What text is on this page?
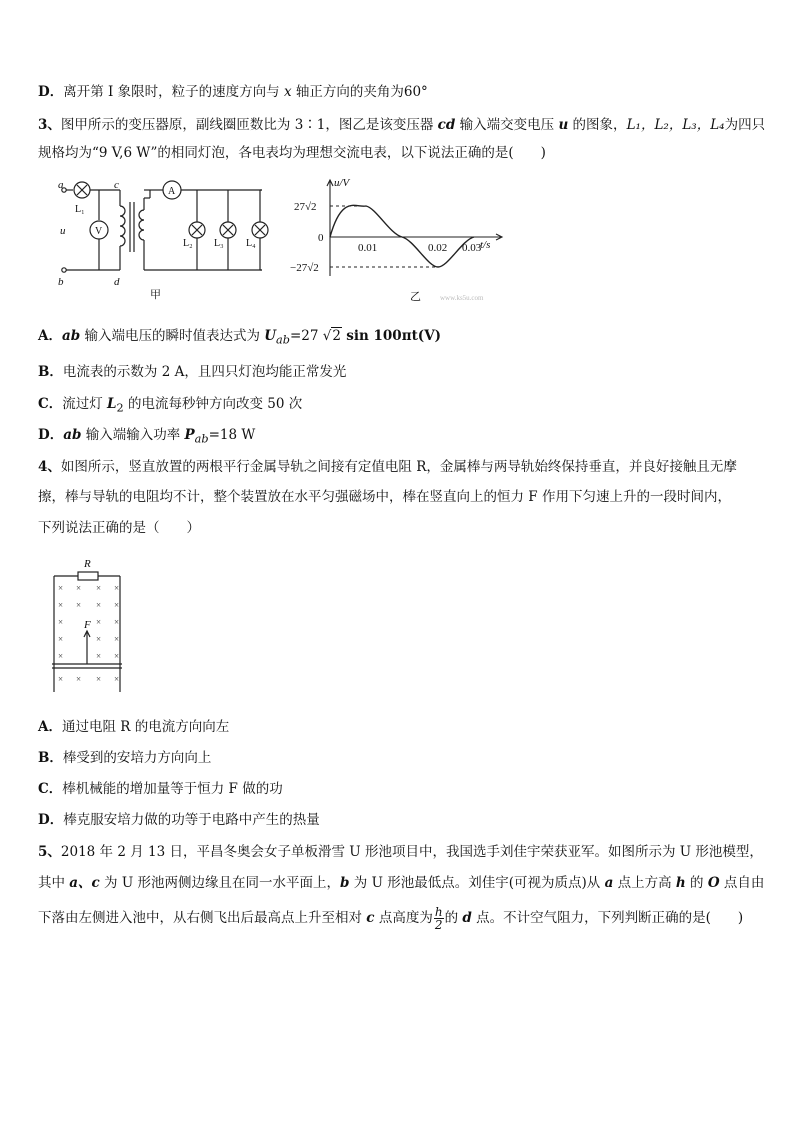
D．离开第 I 象限时，粒子的速度方向与 x 轴正方向的夹角为60°
3、图甲所示的变压器原，副线圈匝数比为 3∶1，图乙是该变压器 cd 输入端交变电压 u 的图象，L₁，L₂，L₃，L₄为四只
规格均为“9 V,6 W”的相同灯泡，各电表均为理想交流电表，以下说法正确的是(　　)
a
b
c
d
u
L₁
L₂ L₃ L₄
V
A
甲
u/V
t/s
0
27√2
−27√2
0.01	0.02 0.03
乙	www.ks5u.com
A．ab 输入端电压的瞬时值表达式为 $U_{ab}=27$ √2 sin 100πt(V)
B．电流表的示数为 2 A，且四只灯泡均能正常发光
C．流过灯 $L_2$ 的电流每秒钟方向改变 50 次
D．ab 输入端输入功率 $P_{ab}=18$ W
4、如图所示，竖直放置的两根平行金属导轨之间接有定值电阻 R，金属棒与两导轨始终保持垂直，并良好接触且无摩
擦，棒与导轨的电阻均不计，整个装置放在水平匀强磁场中，棒在竖直向上的恒力 F 作用下匀速上升的一段时间内，
下列说法正确的是（　　）
R
F
× × × ×
× × × ×
×	× ×
×	× ×
×	× ×
× × × ×
A．通过电阻 R 的电流方向向左
B．棒受到的安培力方向向上
C．棒机械能的增加量等于恒力 F 做的功
D．棒克服安培力做的功等于电路中产生的热量
5、2018 年 2 月 13 日，平昌冬奥会女子单板滑雪 U 形池项目中，我国选手刘佳宇荣获亚军。如图所示为 U 形池模型，
其中 a、c 为 U 形池两侧边缘且在同一水平面上，b 为 U 形池最低点。刘佳宇(可视为质点)从 a 点上方高 h 的 O 点自由
下落由左侧进入池中，从右侧飞出后最高点上升至相对 c 点高度为 $\frac{h}{2}$ 的 d 点。不计空气阻力，下列判断正确的是(　　)
